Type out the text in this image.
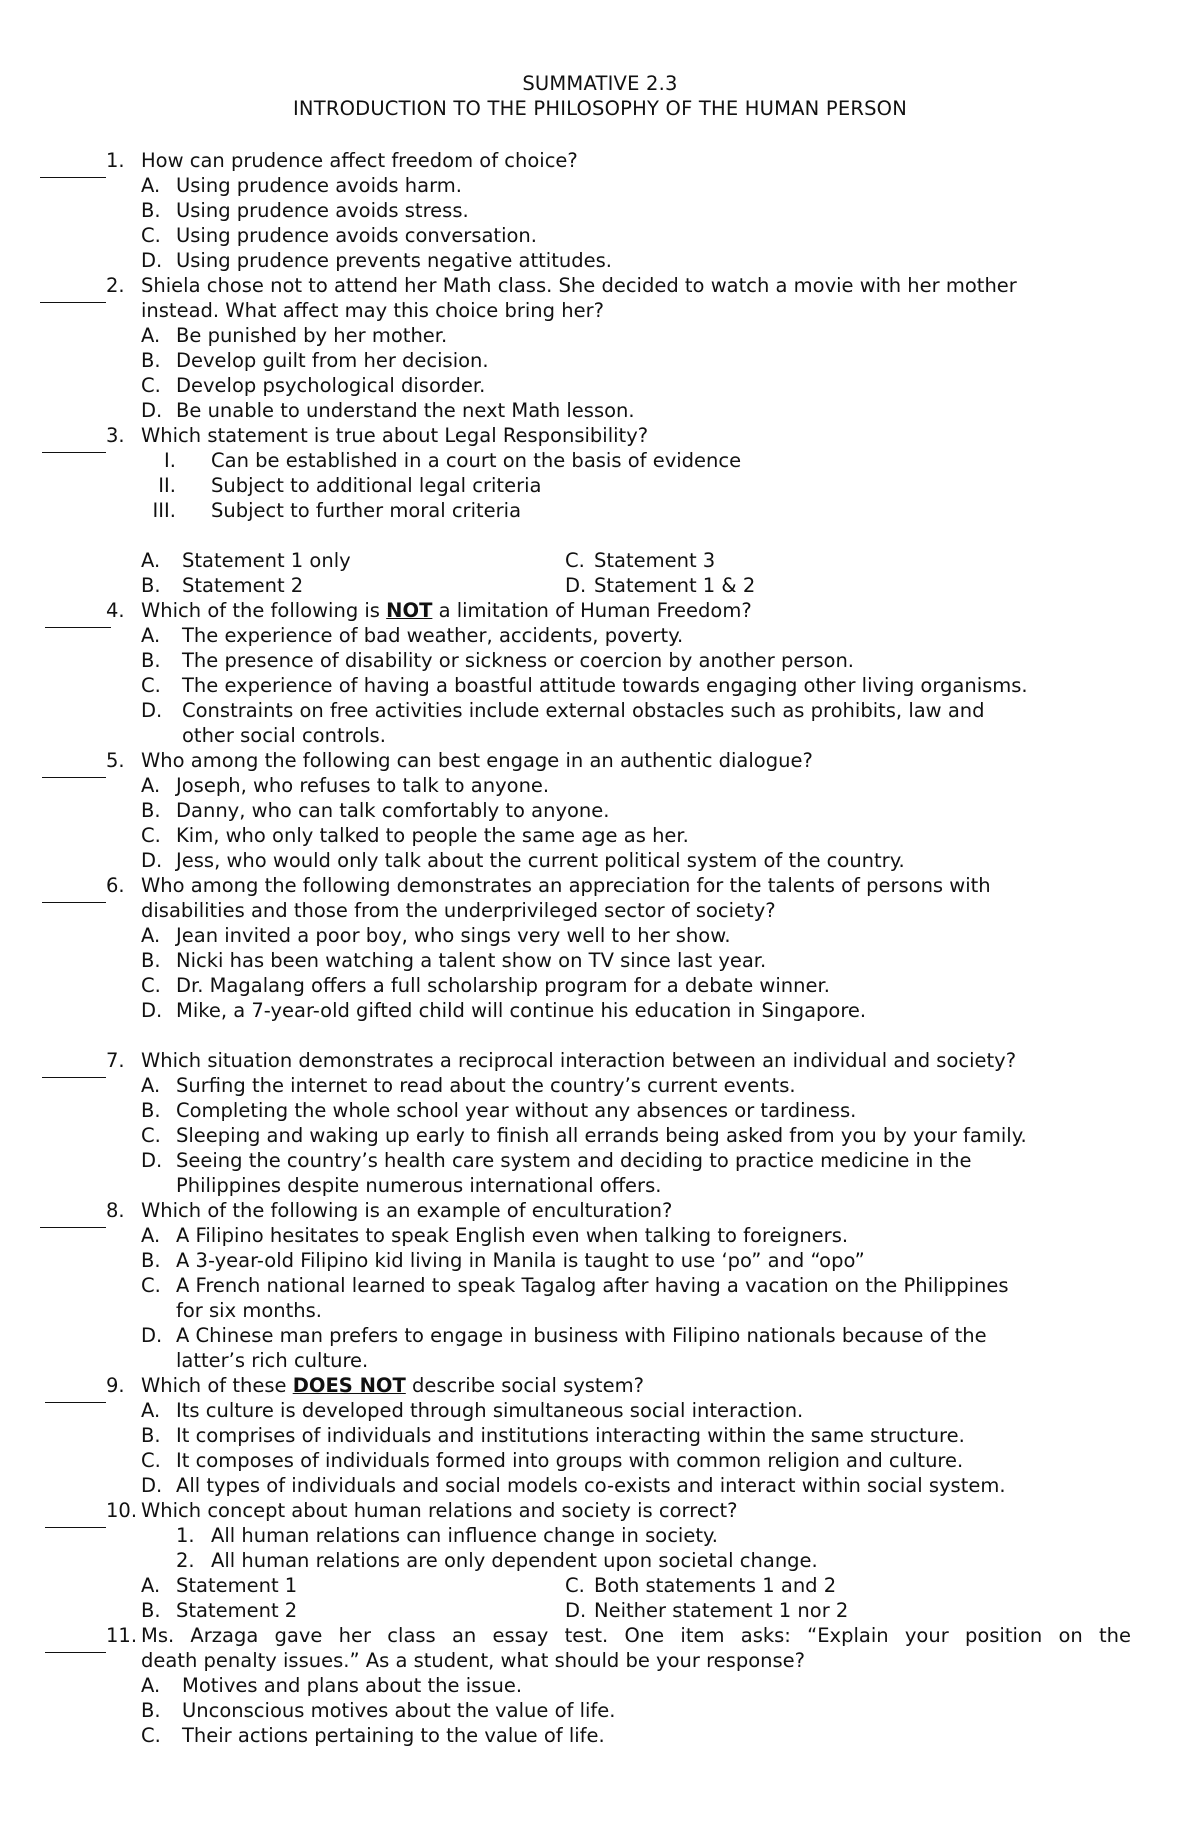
SUMMATIVE 2.3
INTRODUCTION TO THE PHILOSOPHY OF THE HUMAN PERSON
1. How can prudence affect freedom of choice?
A. Using prudence avoids harm.
B. Using prudence avoids stress.
C. Using prudence avoids conversation.
D. Using prudence prevents negative attitudes.
2. Shiela chose not to attend her Math class. She decided to watch a movie with her mother
instead. What affect may this choice bring her?
A. Be punished by her mother.
B. Develop guilt from her decision.
C. Develop psychological disorder.
D. Be unable to understand the next Math lesson.
3. Which statement is true about Legal Responsibility?
I. Can be established in a court on the basis of evidence
II. Subject to additional legal criteria
III. Subject to further moral criteria
A. Statement 1 only	C. Statement 3
B. Statement 2	D. Statement 1 & 2
4. Which of the following is NOT a limitation of Human Freedom?
A. The experience of bad weather, accidents, poverty.
B. The presence of disability or sickness or coercion by another person.
C. The experience of having a boastful attitude towards engaging other living organisms.
D. Constraints on free activities include external obstacles such as prohibits, law and
other social controls.
5. Who among the following can best engage in an authentic dialogue?
A. Joseph, who refuses to talk to anyone.
B. Danny, who can talk comfortably to anyone.
C. Kim, who only talked to people the same age as her.
D. Jess, who would only talk about the current political system of the country.
6. Who among the following demonstrates an appreciation for the talents of persons with
disabilities and those from the underprivileged sector of society?
A. Jean invited a poor boy, who sings very well to her show.
B. Nicki has been watching a talent show on TV since last year.
C. Dr. Magalang offers a full scholarship program for a debate winner.
D. Mike, a 7-year-old gifted child will continue his education in Singapore.
7. Which situation demonstrates a reciprocal interaction between an individual and society?
A. Surfing the internet to read about the country’s current events.
B. Completing the whole school year without any absences or tardiness.
C. Sleeping and waking up early to finish all errands being asked from you by your family.
D. Seeing the country’s health care system and deciding to practice medicine in the
Philippines despite numerous international offers.
8. Which of the following is an example of enculturation?
A. A Filipino hesitates to speak English even when talking to foreigners.
B. A 3-year-old Filipino kid living in Manila is taught to use ‘po” and “opo”
C. A French national learned to speak Tagalog after having a vacation on the Philippines
for six months.
D. A Chinese man prefers to engage in business with Filipino nationals because of the
latter’s rich culture.
9. Which of these DOES NOT describe social system?
A. Its culture is developed through simultaneous social interaction.
B. It comprises of individuals and institutions interacting within the same structure.
C. It composes of individuals formed into groups with common religion and culture.
D. All types of individuals and social models co-exists and interact within social system.
10. Which concept about human relations and society is correct?
1. All human relations can influence change in society.
2. All human relations are only dependent upon societal change.
A. Statement 1	C. Both statements 1 and 2
B. Statement 2	D. Neither statement 1 nor 2
11. Ms. Arzaga gave her class an essay test. One item asks: “Explain your position on the
death penalty issues.” As a student, what should be your response?
A. Motives and plans about the issue.
B. Unconscious motives about the value of life.
C. Their actions pertaining to the value of life.
